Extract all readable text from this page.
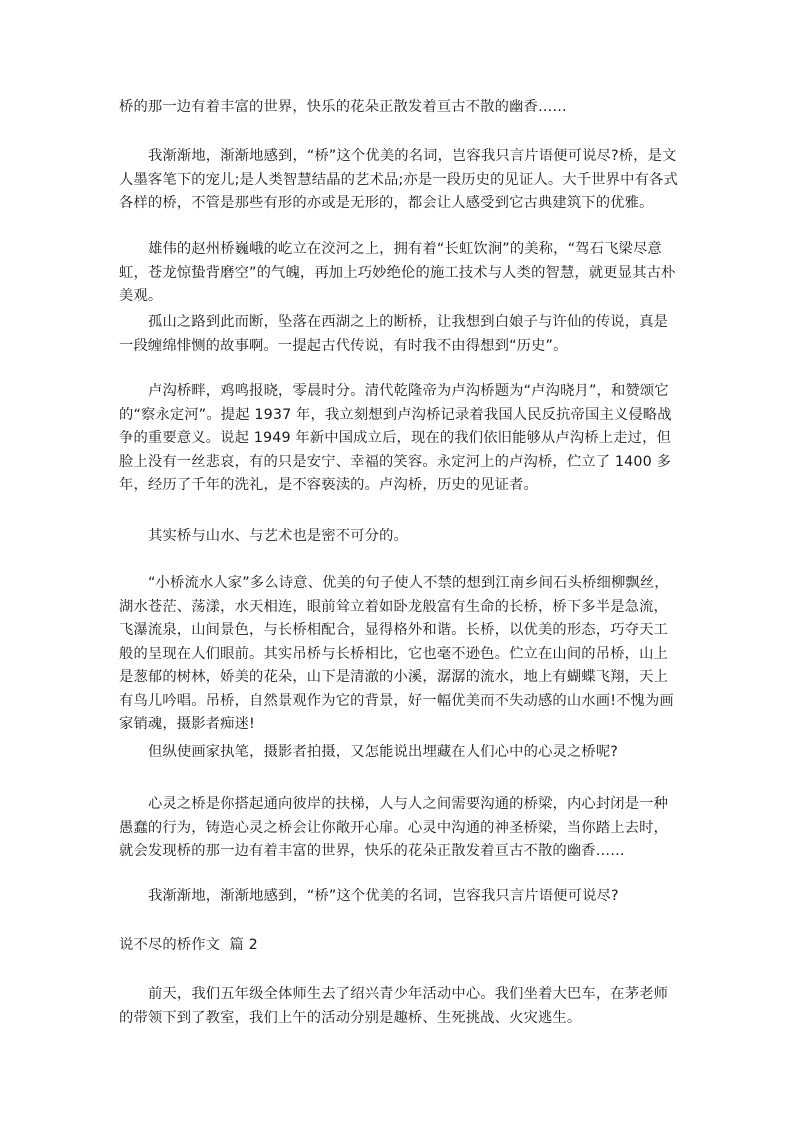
桥的那一边有着丰富的世界，快乐的花朵正散发着亘古不散的幽香……

我渐渐地，渐渐地感到，“桥”这个优美的名词，岂容我只言片语便可说尽?桥，是文人墨客笔下的宠儿;是人类智慧结晶的艺术品;亦是一段历史的见证人。大千世界中有各式各样的桥，不管是那些有形的亦或是无形的，都会让人感受到它古典建筑下的优雅。

雄伟的赵州桥巍峨的屹立在洨河之上，拥有着“长虹饮涧”的美称，“驾石飞梁尽意虹，苍龙惊蛰背磨空”的气魄，再加上巧妙绝伦的施工技术与人类的智慧，就更显其古朴美观。

孤山之路到此而断，坠落在西湖之上的断桥，让我想到白娘子与许仙的传说，真是一段缠绵悱恻的故事啊。一提起古代传说，有时我不由得想到“历史”。

卢沟桥畔，鸡鸣报晓，零晨时分。清代乾隆帝为卢沟桥题为“卢沟晓月”，和赞颂它的“察永定河”。提起 1937 年，我立刻想到卢沟桥记录着我国人民反抗帝国主义侵略战争的重要意义。说起 1949 年新中国成立后，现在的我们依旧能够从卢沟桥上走过，但脸上没有一丝悲哀，有的只是安宁、幸福的笑容。永定河上的卢沟桥，伫立了 1400 多年，经历了千年的洗礼，是不容亵渎的。卢沟桥，历史的见证者。

其实桥与山水、与艺术也是密不可分的。

“小桥流水人家”多么诗意、优美的句子使人不禁的想到江南乡间石头桥细柳飘丝，湖水苍茫、荡漾，水天相连，眼前耸立着如卧龙般富有生命的长桥，桥下多半是急流，飞瀑流泉，山间景色，与长桥相配合，显得格外和谐。长桥，以优美的形态，巧夺天工般的呈现在人们眼前。其实吊桥与长桥相比，它也毫不逊色。伫立在山间的吊桥，山上是葱郁的树林，娇美的花朵，山下是清澈的小溪，潺潺的流水，地上有蝴蝶飞翔，天上有鸟儿吟唱。吊桥，自然景观作为它的背景，好一幅优美而不失动感的山水画!不愧为画家销魂，摄影者痴迷!

但纵使画家执笔，摄影者拍摄，又怎能说出埋藏在人们心中的心灵之桥呢?

心灵之桥是你搭起通向彼岸的扶梯，人与人之间需要沟通的桥梁，内心封闭是一种愚蠢的行为，铸造心灵之桥会让你敞开心扉。心灵中沟通的神圣桥梁，当你踏上去时，就会发现桥的那一边有着丰富的世界，快乐的花朵正散发着亘古不散的幽香……

我渐渐地，渐渐地感到，“桥”这个优美的名词，岂容我只言片语便可说尽?

说不尽的桥作文  篇 2

前天，我们五年级全体师生去了绍兴青少年活动中心。我们坐着大巴车，在茅老师的带领下到了教室，我们上午的活动分别是趣桥、生死挑战、火灾逃生。
